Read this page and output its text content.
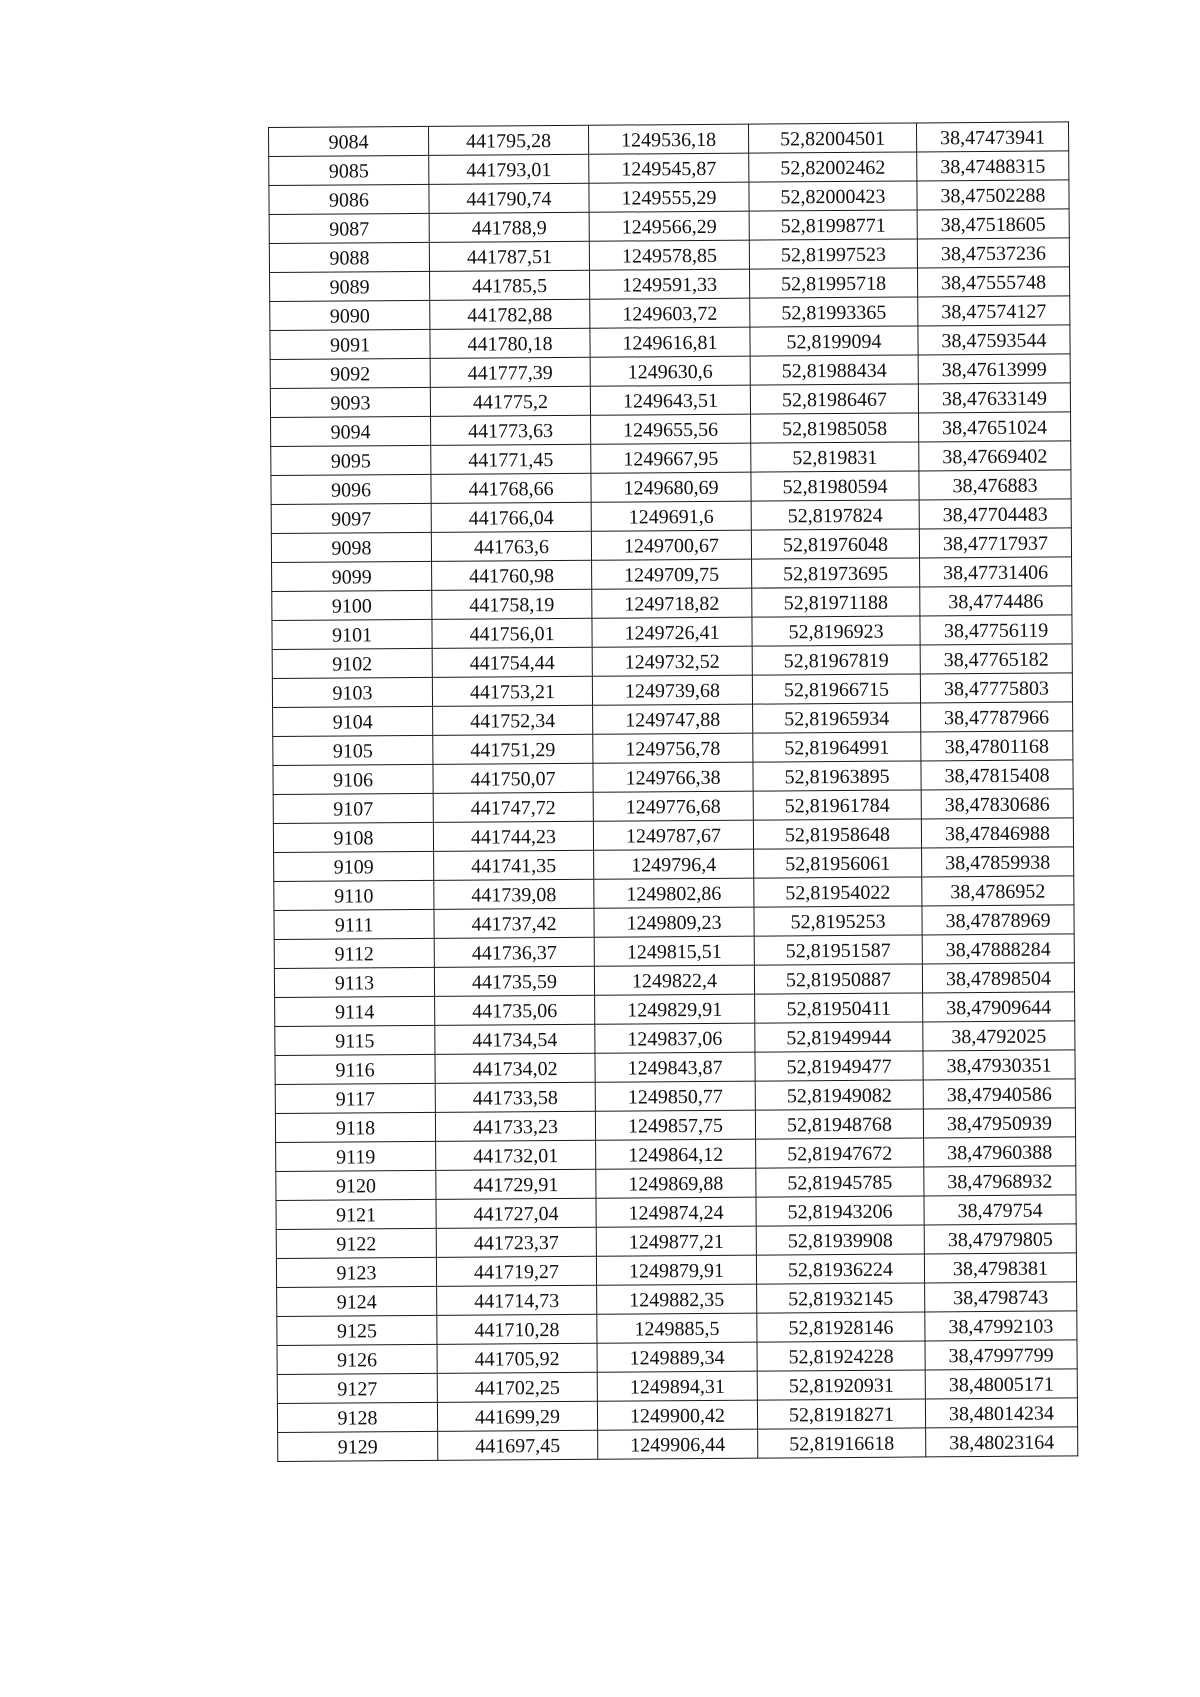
9084	441795,28	1249536,18	52,82004501	38,47473941
9085	441793,01	1249545,87	52,82002462	38,47488315
9086	441790,74	1249555,29	52,82000423	38,47502288
9087	441788,9	1249566,29	52,81998771	38,47518605
9088	441787,51	1249578,85	52,81997523	38,47537236
9089	441785,5	1249591,33	52,81995718	38,47555748
9090	441782,88	1249603,72	52,81993365	38,47574127
9091	441780,18	1249616,81	52,8199094	38,47593544
9092	441777,39	1249630,6	52,81988434	38,47613999
9093	441775,2	1249643,51	52,81986467	38,47633149
9094	441773,63	1249655,56	52,81985058	38,47651024
9095	441771,45	1249667,95	52,819831	38,47669402
9096	441768,66	1249680,69	52,81980594	38,476883
9097	441766,04	1249691,6	52,8197824	38,47704483
9098	441763,6	1249700,67	52,81976048	38,47717937
9099	441760,98	1249709,75	52,81973695	38,47731406
9100	441758,19	1249718,82	52,81971188	38,4774486
9101	441756,01	1249726,41	52,8196923	38,47756119
9102	441754,44	1249732,52	52,81967819	38,47765182
9103	441753,21	1249739,68	52,81966715	38,47775803
9104	441752,34	1249747,88	52,81965934	38,47787966
9105	441751,29	1249756,78	52,81964991	38,47801168
9106	441750,07	1249766,38	52,81963895	38,47815408
9107	441747,72	1249776,68	52,81961784	38,47830686
9108	441744,23	1249787,67	52,81958648	38,47846988
9109	441741,35	1249796,4	52,81956061	38,47859938
9110	441739,08	1249802,86	52,81954022	38,4786952
9111	441737,42	1249809,23	52,8195253	38,47878969
9112	441736,37	1249815,51	52,81951587	38,47888284
9113	441735,59	1249822,4	52,81950887	38,47898504
9114	441735,06	1249829,91	52,81950411	38,47909644
9115	441734,54	1249837,06	52,81949944	38,4792025
9116	441734,02	1249843,87	52,81949477	38,47930351
9117	441733,58	1249850,77	52,81949082	38,47940586
9118	441733,23	1249857,75	52,81948768	38,47950939
9119	441732,01	1249864,12	52,81947672	38,47960388
9120	441729,91	1249869,88	52,81945785	38,47968932
9121	441727,04	1249874,24	52,81943206	38,479754
9122	441723,37	1249877,21	52,81939908	38,47979805
9123	441719,27	1249879,91	52,81936224	38,4798381
9124	441714,73	1249882,35	52,81932145	38,4798743
9125	441710,28	1249885,5	52,81928146	38,47992103
9126	441705,92	1249889,34	52,81924228	38,47997799
9127	441702,25	1249894,31	52,81920931	38,48005171
9128	441699,29	1249900,42	52,81918271	38,48014234
9129	441697,45	1249906,44	52,81916618	38,48023164
